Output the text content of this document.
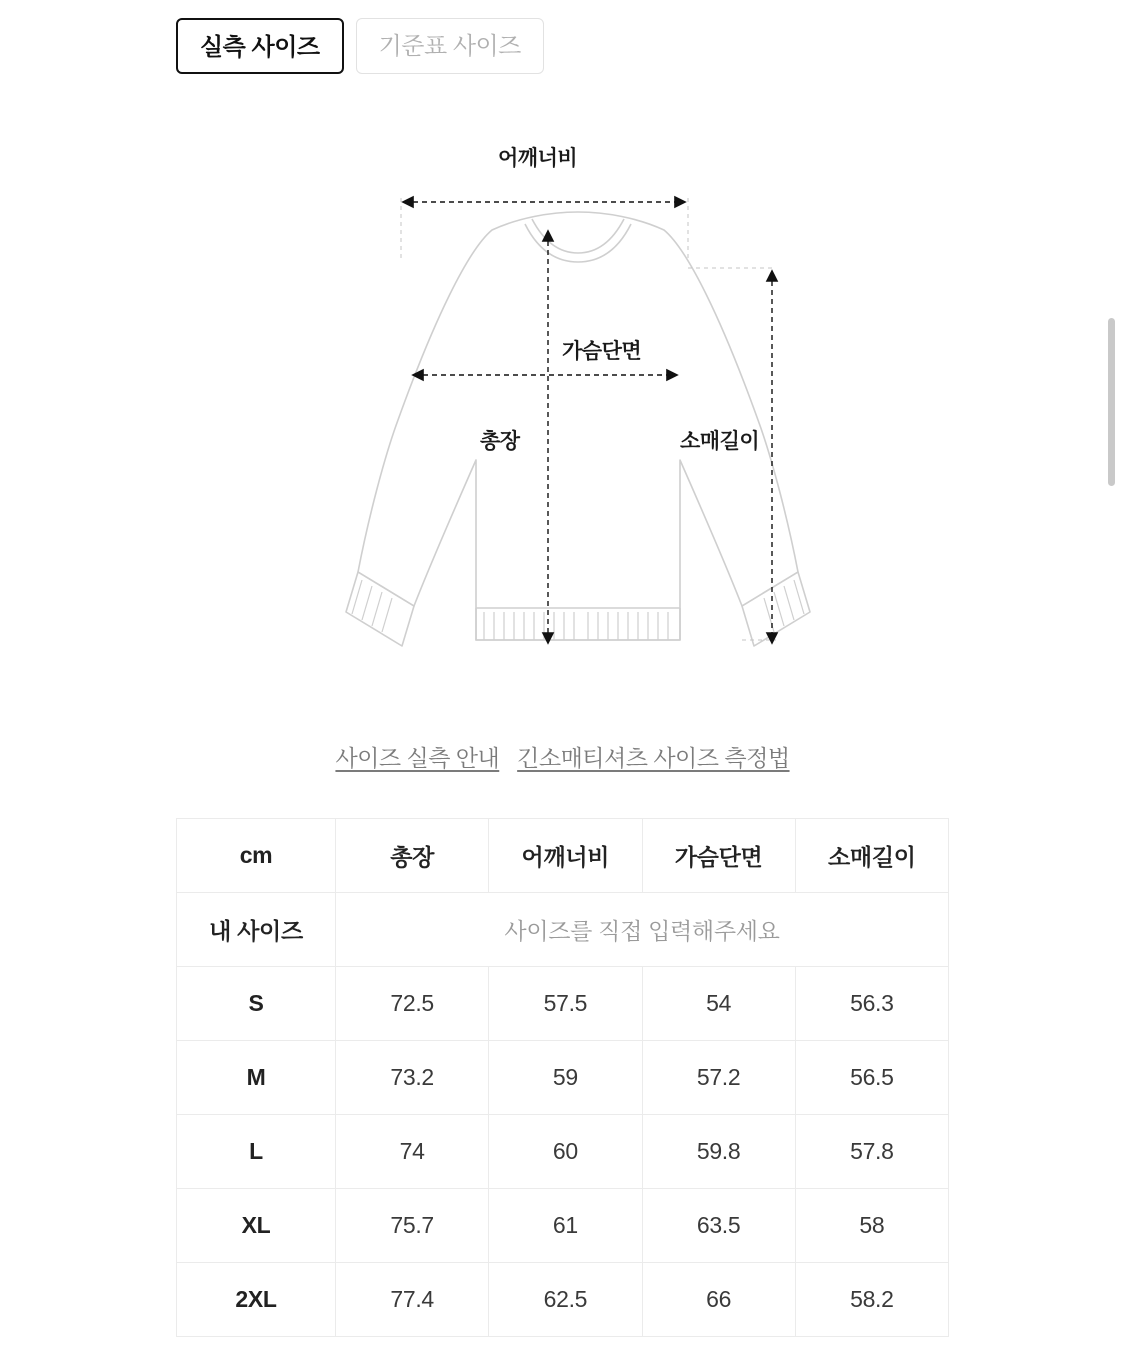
실측 사이즈	기준표 사이즈
어깨너비
가슴단면
총장	소매길이
사이즈 실측 안내 긴소매티셔츠 사이즈 측정법
cm	총장	어깨너비	가슴단면	소매길이
내 사이즈	사이즈를 직접 입력해주세요			
S	72.5	57.5	54	56.3
M	73.2	59	57.2	56.5
L	74	60	59.8	57.8
XL	75.7	61	63.5	58
2XL	77.4	62.5	66	58.2
